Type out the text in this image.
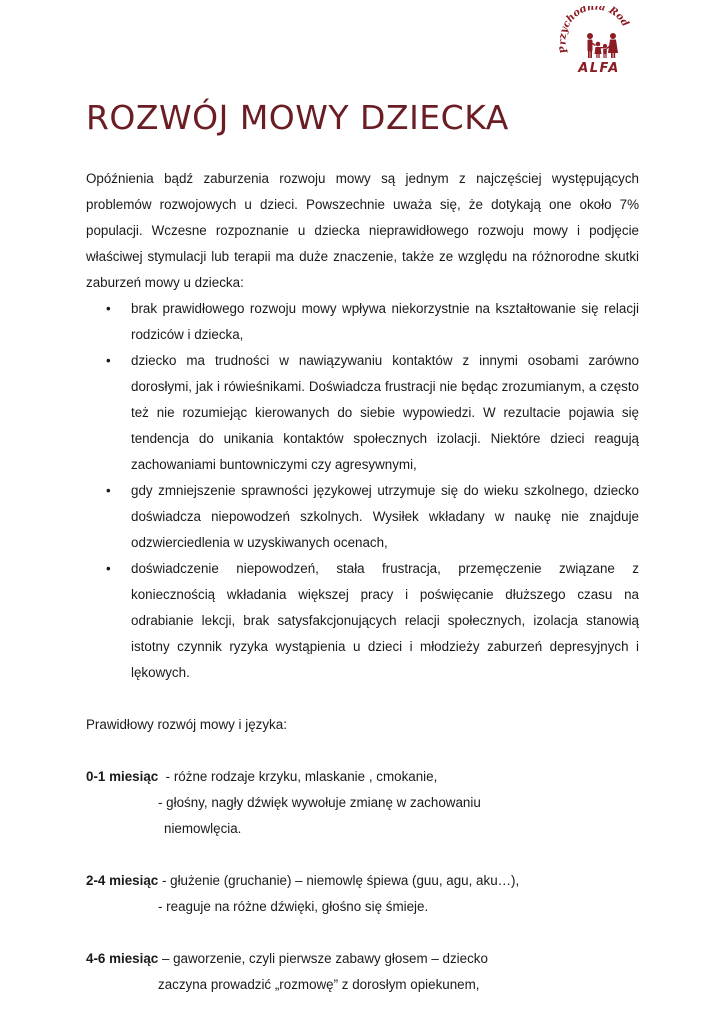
Przychodnia Rod
ALFA
ROZWÓJ MOWY DZIECKA

Opóźnienia bądź zaburzenia rozwoju mowy są jednym z najczęściej występujących problemów rozwojowych u dzieci. Powszechnie uważa się, że dotykają one około 7% populacji. Wczesne rozpoznanie u dziecka nieprawidłowego rozwoju mowy i podjęcie właściwej stymulacji lub terapii ma duże znaczenie, także ze względu na różnorodne skutki zaburzeń mowy u dziecka:

• brak prawidłowego rozwoju mowy wpływa niekorzystnie na kształtowanie się relacji rodziców i dziecka,
• dziecko ma trudności w nawiązywaniu kontaktów z innymi osobami zarówno dorosłymi, jak i rówieśnikami. Doświadcza frustracji nie będąc zrozumianym, a często też nie rozumiejąc kierowanych do siebie wypowiedzi. W rezultacie pojawia się tendencja do unikania kontaktów społecznych izolacji. Niektóre dzieci reagują zachowaniami buntowniczymi czy agresywnymi,
• gdy zmniejszenie sprawności językowej utrzymuje się do wieku szkolnego, dziecko doświadcza niepowodzeń szkolnych. Wysiłek wkładany w naukę nie znajduje odzwierciedlenia w uzyskiwanych ocenach,
• doświadczenie niepowodzeń, stała frustracja, przemęczenie związane z koniecznością wkładania większej pracy i poświęcanie dłuższego czasu na odrabianie lekcji, brak satysfakcjonujących relacji społecznych, izolacja stanowią istotny czynnik ryzyka wystąpienia u dzieci i młodzieży zaburzeń depresyjnych i lękowych.

Prawidłowy rozwój mowy i języka:

0-1 miesiąc  - różne rodzaje krzyku, mlaskanie , cmokanie,
- głośny, nagły dźwięk wywołuje zmianę w zachowaniu
niemowlęcia.
2-4 miesiąc - głużenie (gruchanie) – niemowlę śpiewa (guu, agu, aku…),
- reaguje na różne dźwięki, głośno się śmieje.
4-6 miesiąc – gaworzenie, czyli pierwsze zabawy głosem – dziecko
zaczyna prowadzić „rozmowę” z dorosłym opiekunem,
